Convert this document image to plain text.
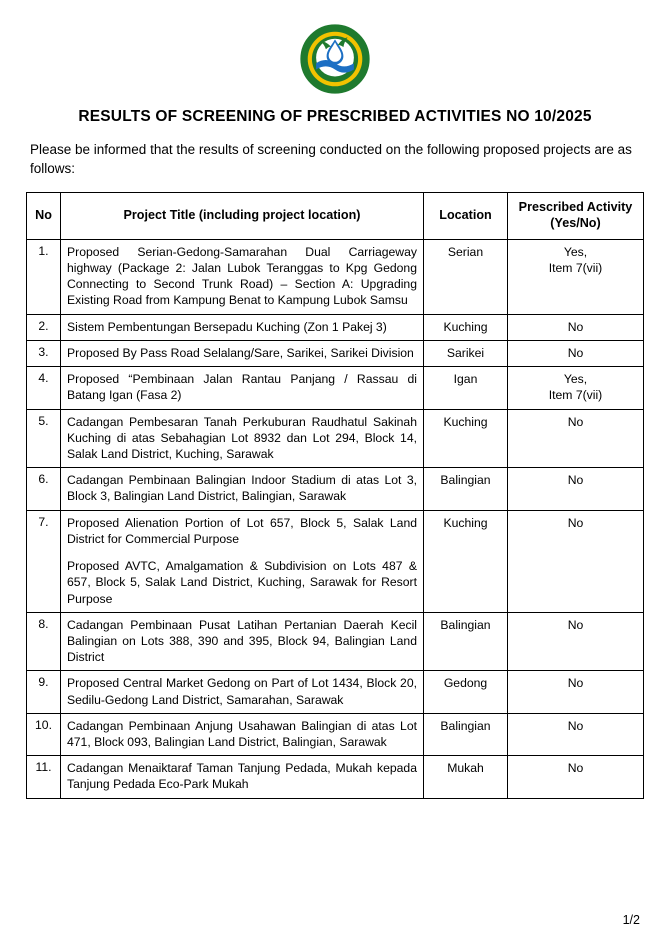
RESULTS OF SCREENING OF PRESCRIBED ACTIVITIES NO 10/2025
Please be informed that the results of screening conducted on the following proposed projects are as follows:
No	Project Title (including project location)	Location	Prescribed Activity
(Yes/No)
1.	Proposed Serian-Gedong-Samarahan Dual Carriageway highway (Package 2: Jalan Lubok Teranggas to Kpg Gedong Connecting to Second Trunk Road) – Section A: Upgrading Existing Road from Kampung Benat to Kampung Lubok Samsu	Serian	Yes,
Item 7(vii)

2.	Sistem Pembentungan Bersepadu Kuching (Zon 1 Pakej 3)	Kuching	No
3.	Proposed By Pass Road Selalang/Sare, Sarikei, Sarikei Division	Sarikei	No
4.	Proposed “Pembinaan Jalan Rantau Panjang / Rassau di Batang Igan (Fasa 2)	Igan	Yes,
Item 7(vii)

5.	Cadangan Pembesaran Tanah Perkuburan Raudhatul Sakinah Kuching di atas Sebahagian Lot 8932 dan Lot 294, Block 14, Salak Land District, Kuching, Sarawak	Kuching	No
6.	Cadangan Pembinaan Balingian Indoor Stadium di atas Lot 3, Block 3, Balingian Land District, Balingian, Sarawak	Balingian	No
7.	Proposed Alienation Portion of Lot 657, Block 5, Salak Land District for Commercial Purpose

Proposed AVTC, Amalgamation & Subdivision on Lots 487 & 657, Block 5, Salak Land District, Kuching, Sarawak for Resort Purpose	Kuching	No
8.	Cadangan Pembinaan Pusat Latihan Pertanian Daerah Kecil Balingian on Lots 388, 390 and 395, Block 94, Balingian Land District	Balingian	No
9.	Proposed Central Market Gedong on Part of Lot 1434, Block 20, Sedilu-Gedong Land District, Samarahan, Sarawak	Gedong	No
10.	Cadangan Pembinaan Anjung Usahawan Balingian di atas Lot 471, Block 093, Balingian Land District, Balingian, Sarawak	Balingian	No
11.	Cadangan Menaiktaraf Taman Tanjung Pedada, Mukah kepada Tanjung Pedada Eco-Park Mukah	Mukah	No
1/2
